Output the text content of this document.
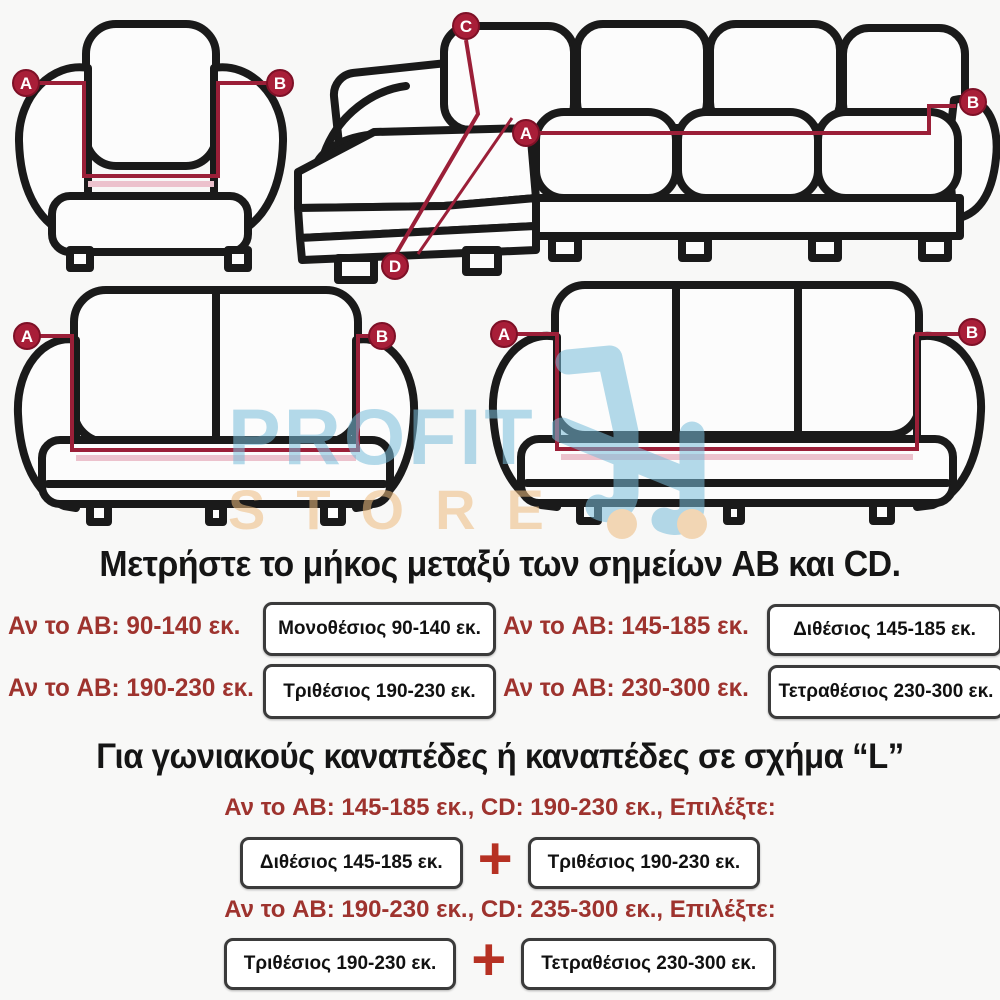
A	B
C
D
A
B
A	B	A	B
PROFIT
STORE
Μετρήστε το μήκος μεταξύ των σημείων AB και CD.
Αν το AB: 90-140 εκ.	Μονοθέσιος 90-140 εκ. Αν το AB: 145-185 εκ.	Διθέσιος 145-185 εκ.
Αν το AB: 190-230 εκ.	Τριθέσιος 190-230 εκ.	Αν το AB: 230-300 εκ.	Τετραθέσιος 230-300 εκ.
Για γωνιακούς καναπέδες ή καναπέδες σε σχήμα “L”
Αν το AB: 145-185 εκ., CD: 190-230 εκ., Επιλέξτε:
Διθέσιος 145-185 εκ. +	Τριθέσιος 190-230 εκ.
Αν το AB: 190-230 εκ., CD: 235-300 εκ., Επιλέξτε:
Τριθέσιος 190-230 εκ. +	Τετραθέσιος 230-300 εκ.
